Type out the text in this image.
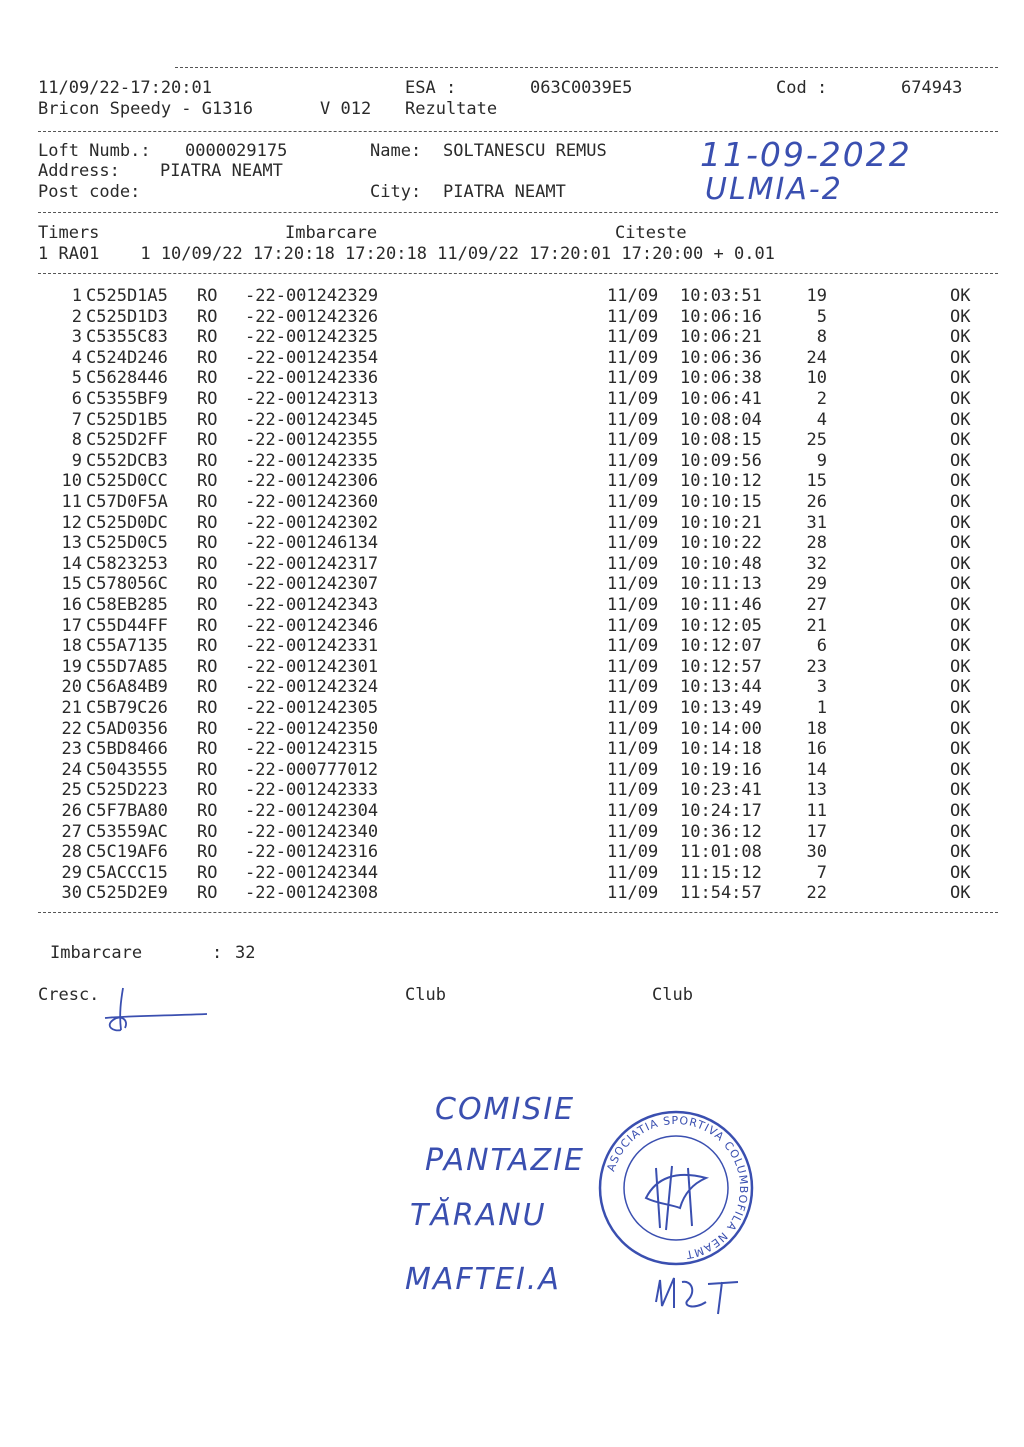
11/09/22-17:20:01	ESA :	063C0039E5	Cod :	674943
Bricon Speedy - G1316	V 012 Rezultate
Loft Numb.: 0000029175	Name: SOLTANESCU REMUS
Address: PIATRA NEAMT
Post code:	City: PIATRA NEAMT
11-09-2022
ULMIA-2
Timers	Imbarcare	Citeste
1 RA01    1 10/09/22 17:20:18 17:20:18 11/09/22 17:20:01 17:20:00 + 0.01
1 C525D1A5 RO -22-001242329	11/09 10:03:51	19	OK
2 C525D1D3 RO -22-001242326	11/09 10:06:16	5	OK
3 C5355C83 RO -22-001242325	11/09 10:06:21	8	OK
4 C524D246 RO -22-001242354	11/09 10:06:36	24	OK
5 C5628446 RO -22-001242336	11/09 10:06:38	10	OK
6 C5355BF9 RO -22-001242313	11/09 10:06:41	2	OK
7 C525D1B5 RO -22-001242345	11/09 10:08:04	4	OK
8 C525D2FF RO -22-001242355	11/09 10:08:15	25	OK
9 C552DCB3 RO -22-001242335	11/09 10:09:56	9	OK
10 C525D0CC RO -22-001242306	11/09 10:10:12	15	OK
11 C57D0F5A RO -22-001242360	11/09 10:10:15	26	OK
12 C525D0DC RO -22-001242302	11/09 10:10:21	31	OK
13 C525D0C5 RO -22-001246134	11/09 10:10:22	28	OK
14 C5823253 RO -22-001242317	11/09 10:10:48	32	OK
15 C578056C RO -22-001242307	11/09 10:11:13	29	OK
16 C58EB285 RO -22-001242343	11/09 10:11:46	27	OK
17 C55D44FF RO -22-001242346	11/09 10:12:05	21	OK
18 C55A7135 RO -22-001242331	11/09 10:12:07	6	OK
19 C55D7A85 RO -22-001242301	11/09 10:12:57	23	OK
20 C56A84B9 RO -22-001242324	11/09 10:13:44	3	OK
21 C5B79C26 RO -22-001242305	11/09 10:13:49	1	OK
22 C5AD0356 RO -22-001242350	11/09 10:14:00	18	OK
23 C5BD8466 RO -22-001242315	11/09 10:14:18	16	OK
24 C5043555 RO -22-000777012	11/09 10:19:16	14	OK
25 C525D223 RO -22-001242333	11/09 10:23:41	13	OK
26 C5F7BA80 RO -22-001242304	11/09 10:24:17	11	OK
27 C53559AC RO -22-001242340	11/09 10:36:12	17	OK
28 C5C19AF6 RO -22-001242316	11/09 11:01:08	30	OK
29 C5ACCC15 RO -22-001242344	11/09 11:15:12	7	OK
30 C525D2E9 RO -22-001242308	11/09 11:54:57	22	OK
Imbarcare	: 32
Cresc.	Club	Club
COMISIE
PANTAZIE
TĂRANU
MAFTEI.A
ASOCIATIA SPORTIVA COLUMBOFILA NEAMT
